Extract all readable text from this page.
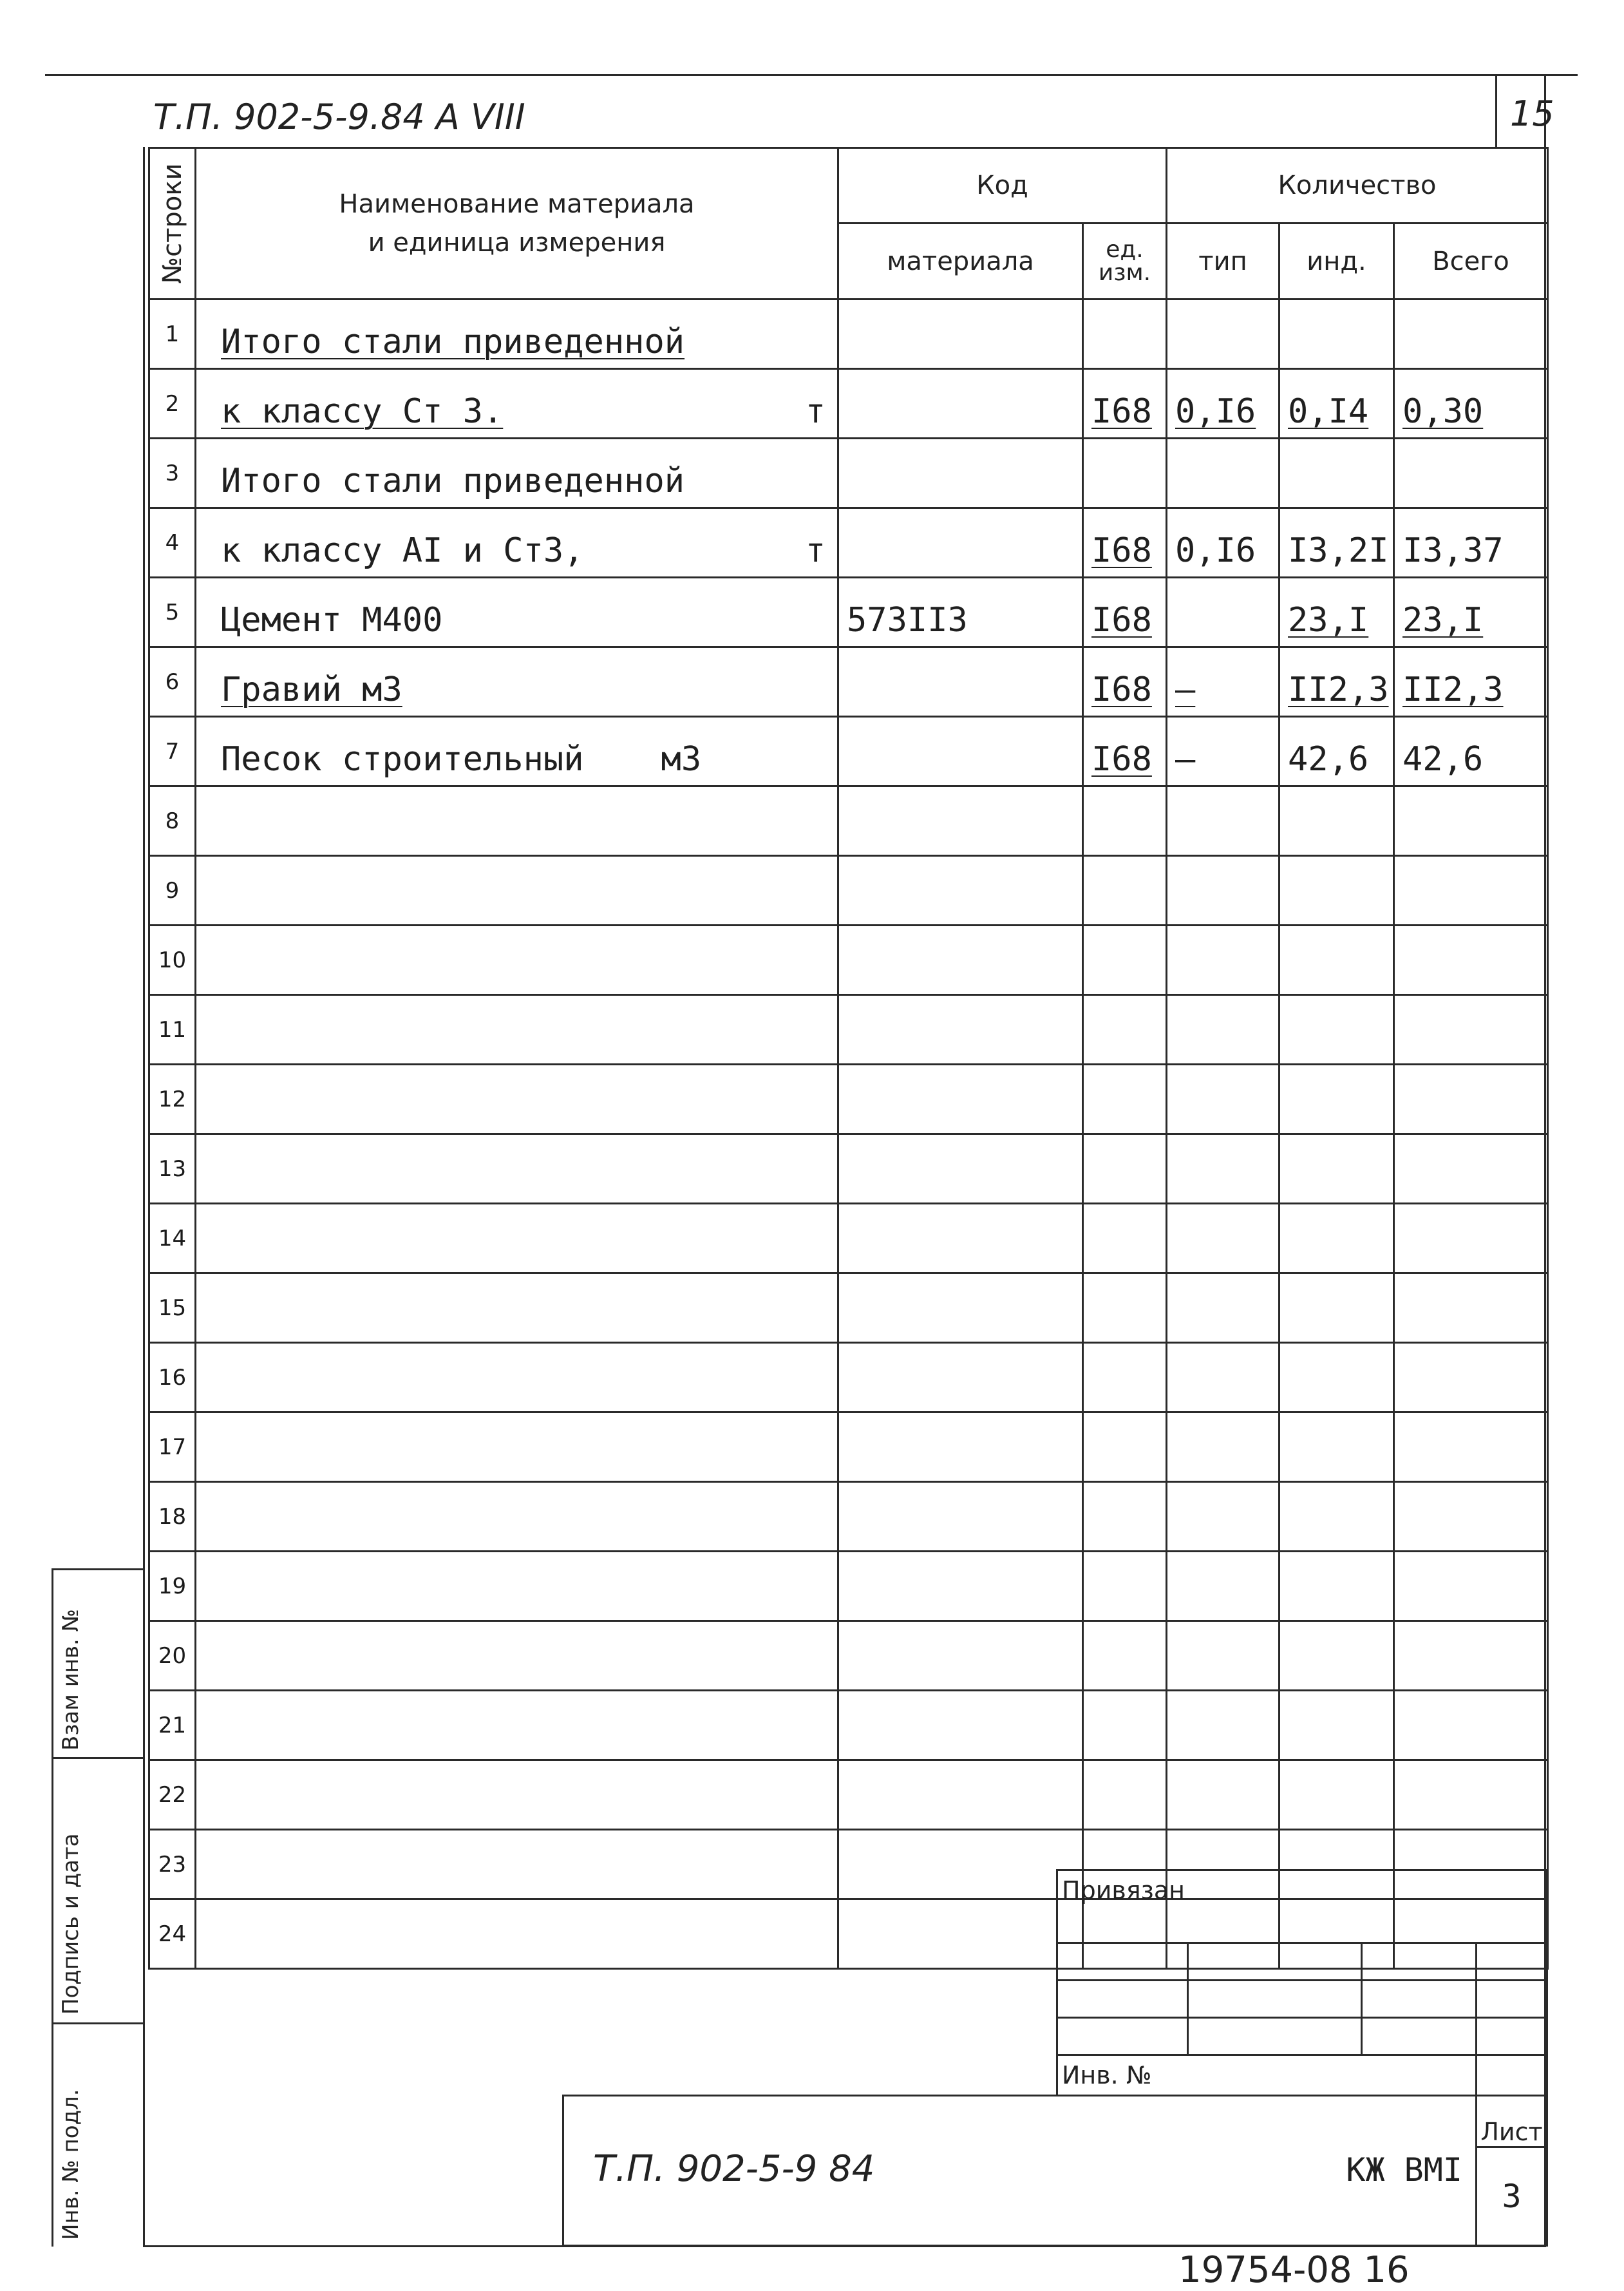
Т.П. 902-5-9.84 А VIII	15
№строки	Наименование материала
и единица измерения	Код		Количество		
		материала	ед. изм.	тип	инд.	Всего
1	Итого стали приведенной

2	к классу Ст 3. т		I68	0,I6	0,I4	0,30
3	Итого стали приведенной

4	к классу АI и Ст3, т		I68	0,I6	I3,2I	I3,37
5	Цемент М400	573II3	I68		23,I	23,I
6	Гравий м3		I68	–	II2,3	II2,3
7	Песок строительный м3		I68	–	42,6	42,6
8	

9	

10	

11	

12	

13	

14	

15	

16	

17	

18	

19	

20	

21	

22	

23	

24	

Взам инв. №
Подпись и дата
Инв. № подл.
Привязан			

Инв. №			
Т.П. 902-5-9 84	КЖ ВМI
	Лист
3
19754-08 16
